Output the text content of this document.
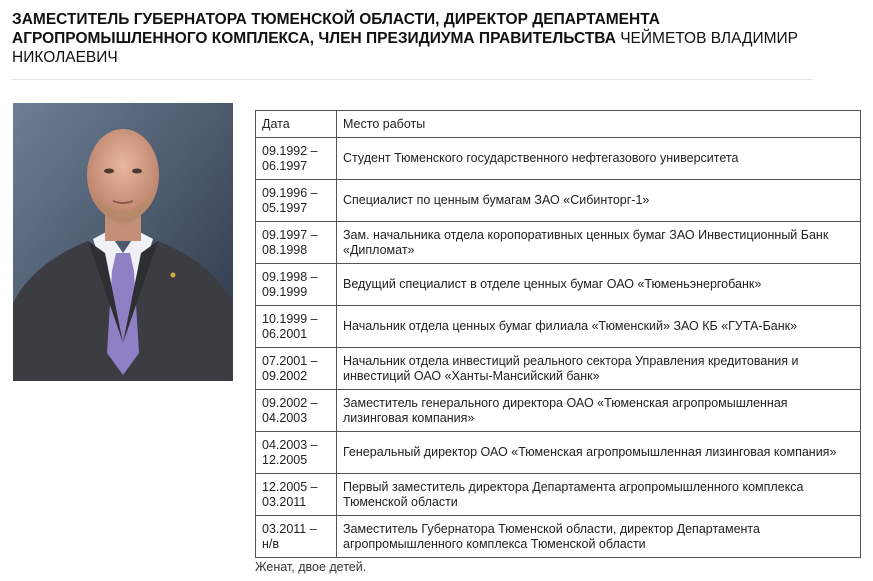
ЗАМЕСТИТЕЛЬ ГУБЕРНАТОРА ТЮМЕНСКОЙ ОБЛАСТИ, ДИРЕКТОР ДЕПАРТАМЕНТА АГРОПРОМЫШЛЕННОГО КОМПЛЕКСА, ЧЛЕН ПРЕЗИДИУМА ПРАВИТЕЛЬСТВА ЧЕЙМЕТОВ ВЛАДИМИР НИКОЛАЕВИЧ
Дата	Место работы
09.1992 – 06.1997	Студент Тюменского государственного нефтегазового университета
09.1996 – 05.1997	Специалист по ценным бумагам ЗАО «Сибинторг-1»
09.1997 – 08.1998	Зам. начальника отдела коропоративных ценных бумаг ЗАО Инвестиционный Банк «Дипломат»
09.1998 – 09.1999	Ведущий специалист в отделе ценных бумаг ОАО «Тюменьэнергобанк»
10.1999 – 06.2001	Начальник отдела ценных бумаг филиала «Тюменский» ЗАО КБ «ГУТА-Банк»
07.2001 – 09.2002	Начальник отдела инвестиций реального сектора Управления кредитования и инвестиций ОАО «Ханты-Мансийский банк»
09.2002 – 04.2003	Заместитель генерального директора ОАО «Тюменская агропромышленная лизинговая компания»
04.2003 – 12.2005	Генеральный директор ОАО «Тюменская агропромышленная лизинговая компания»
12.2005 – 03.2011	Первый заместитель директора Департамента агропромышленного комплекса Тюменской области
03.2011 – н/в	Заместитель Губернатора Тюменской области, директор Департамента агропромышленного комплекса Тюменской области
Женат, двое детей.
